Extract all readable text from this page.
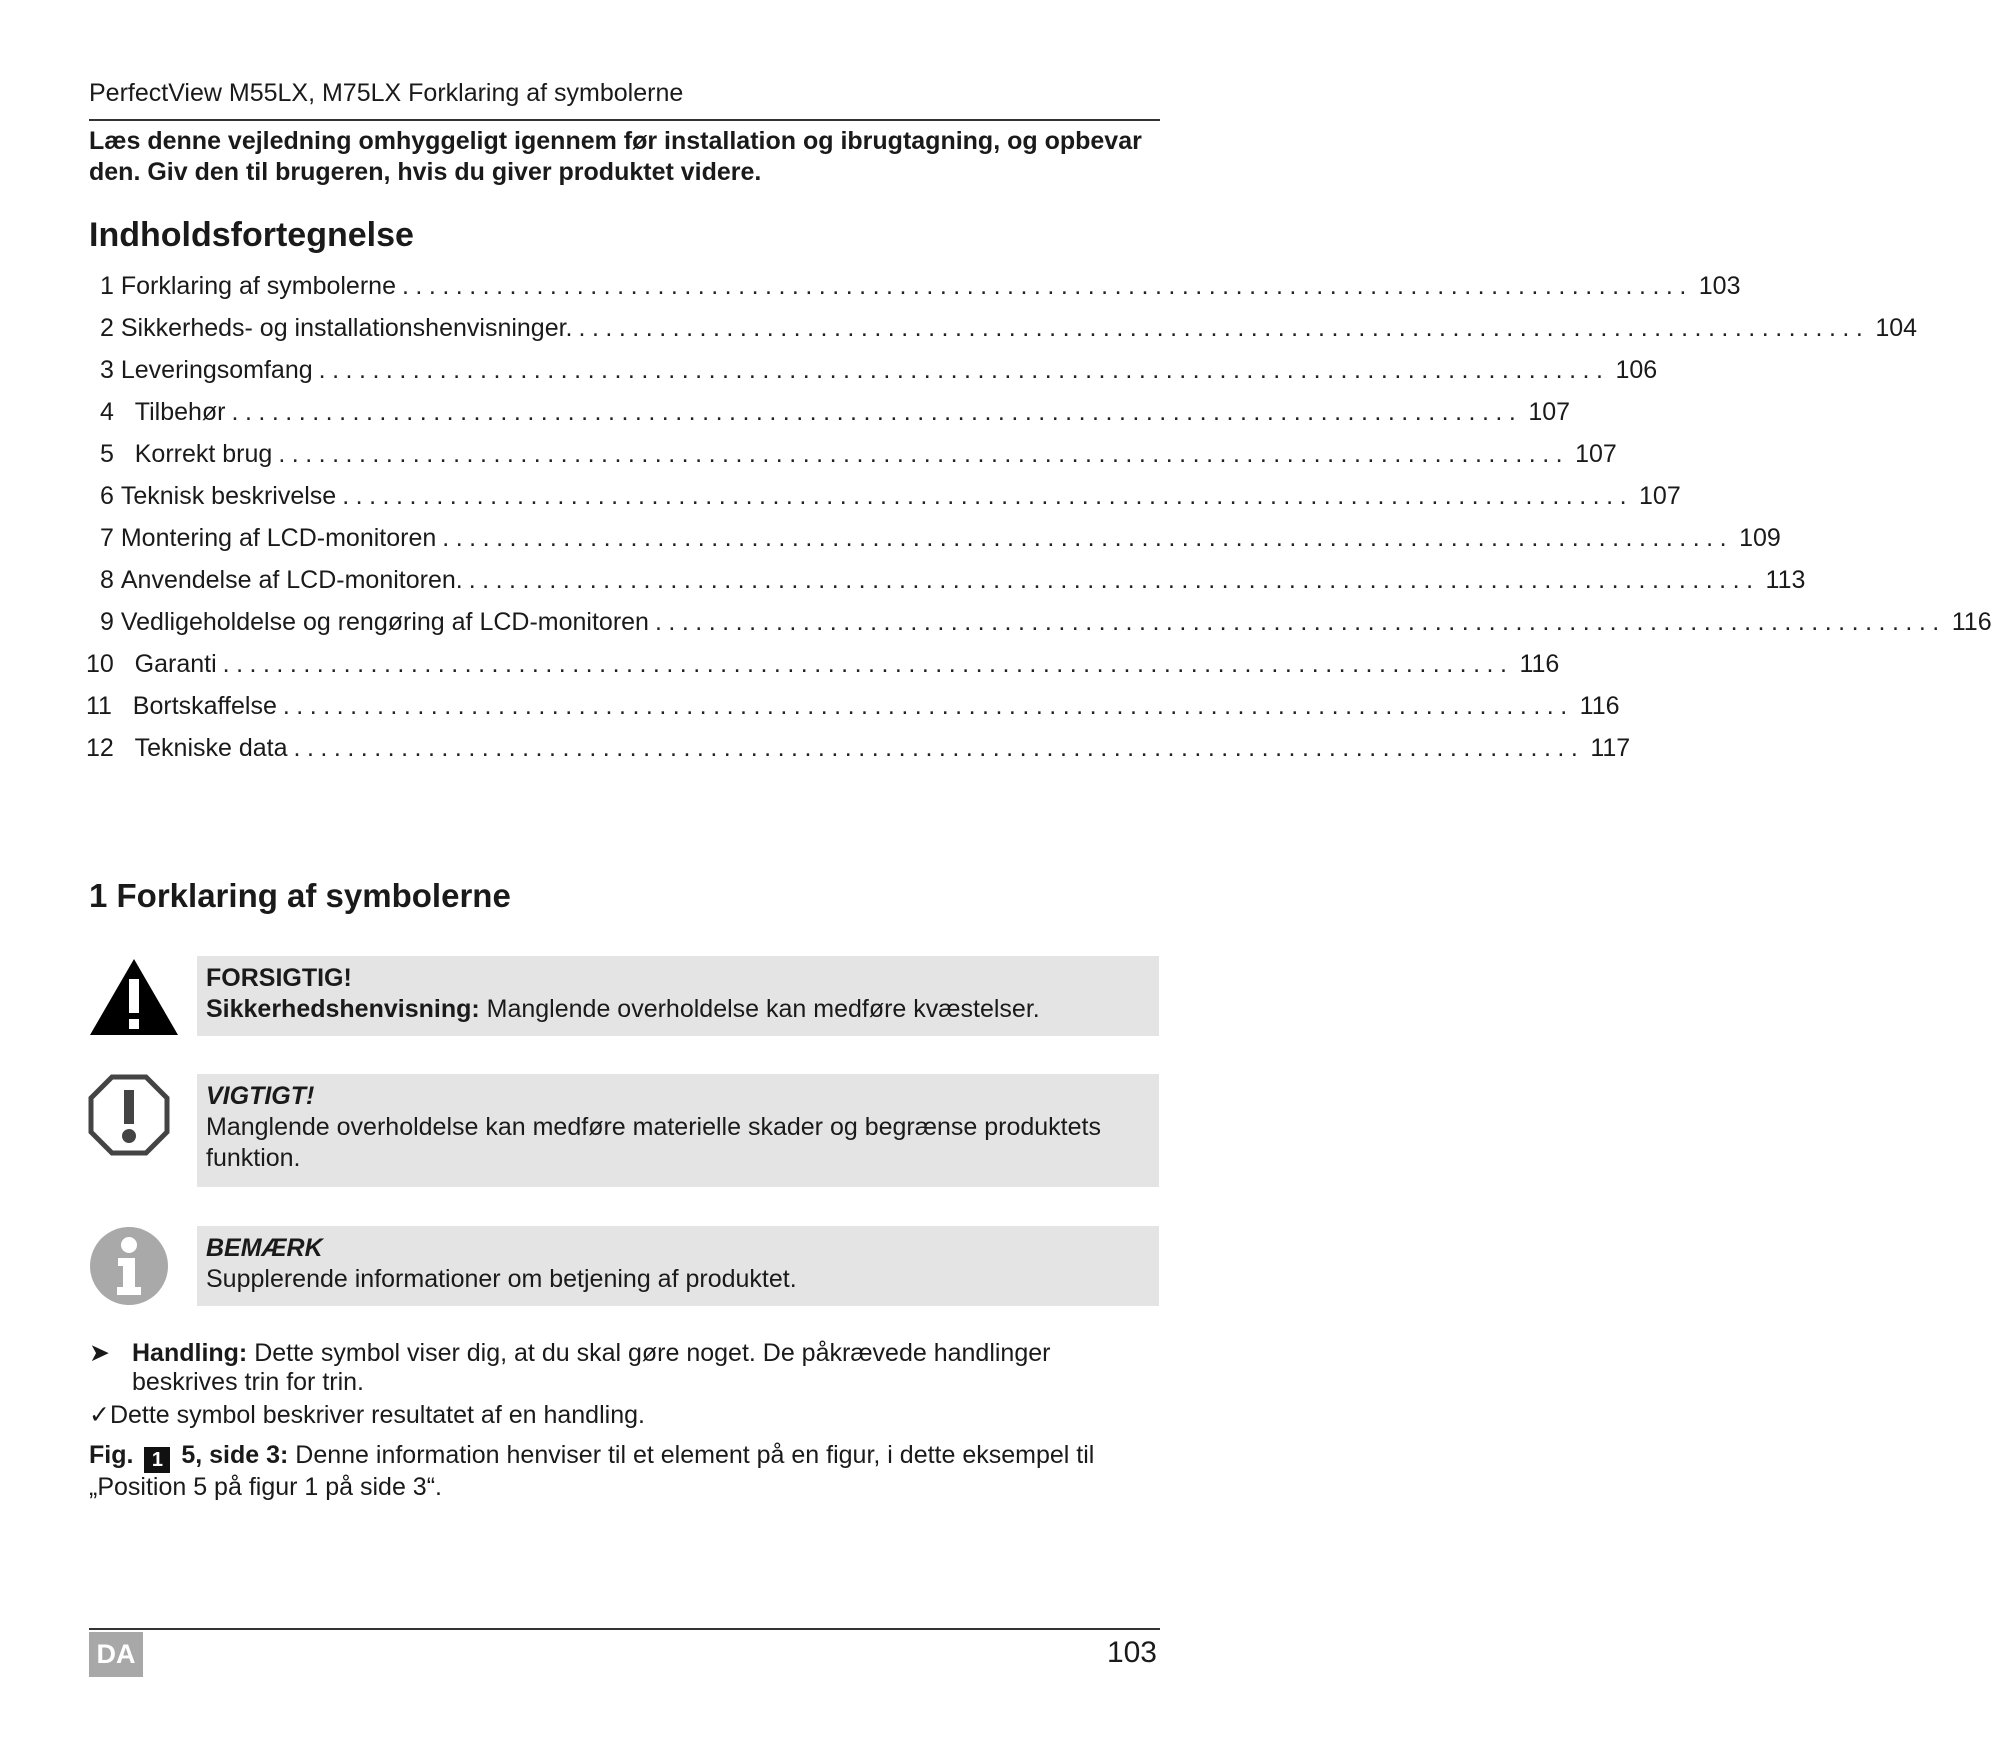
PerfectView M55LX, M75LX Forklaring af symbolerne
Læs denne vejledning omhyggeligt igennem før installation og ibrugtagning, og opbevar den. Giv den til brugeren, hvis du giver produktet videre.
Indholdsfortegnelse
1 Forklaring af symbolerne ................................................................................................ 103
2 Sikkerheds- og installationshenvisninger. ................................................................................................ 104
3 Leveringsomfang ................................................................................................ 106
4 Tilbehør ................................................................................................ 107
5 Korrekt brug ................................................................................................ 107
6 Teknisk beskrivelse ................................................................................................ 107
7 Montering af LCD-monitoren ................................................................................................ 109
8 Anvendelse af LCD-monitoren. ................................................................................................ 113
9 Vedligeholdelse og rengøring af LCD-monitoren ................................................................................................ 116
10 Garanti ................................................................................................ 116
11 Bortskaffelse ................................................................................................ 116
12 Tekniske data ................................................................................................ 117
1 Forklaring af symbolerne
FORSIGTIG!
Sikkerhedshenvisning: Manglende overholdelse kan medføre kvæstelser.
VIGTIGT!
Manglende overholdelse kan medføre materielle skader og begrænse produktets funktion.
BEMÆRK
Supplerende informationer om betjening af produktet.
➤ Handling: Dette symbol viser dig, at du skal gøre noget. De påkrævede handlinger beskrives trin for trin.
✓Dette symbol beskriver resultatet af en handling.
Fig. 1 5, side 3: Denne information henviser til et element på en figur, i dette eksempel til „Position 5 på figur 1 på side 3“.
DA	103
